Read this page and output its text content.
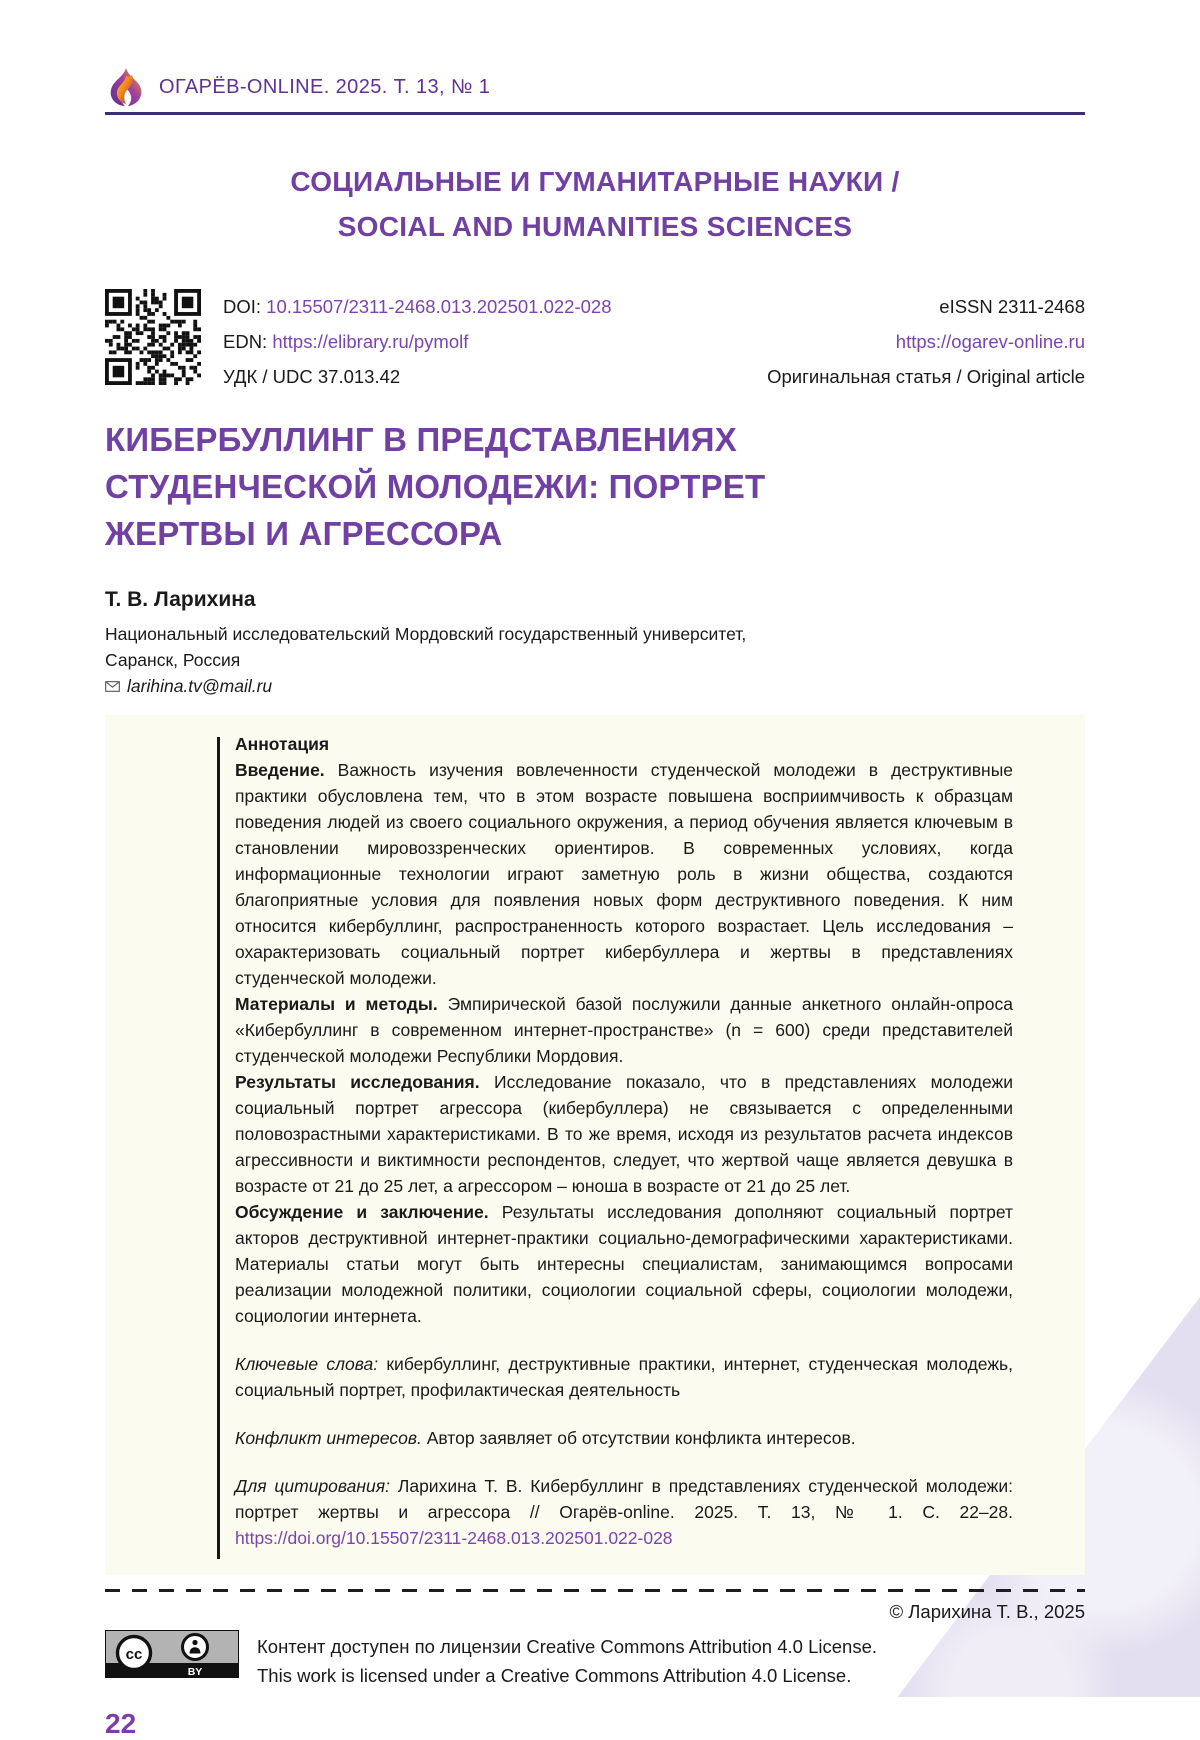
ОГАРЁВ-ONLINE. 2025. Т. 13, № 1
СОЦИАЛЬНЫЕ И ГУМАНИТАРНЫЕ НАУКИ /
SOCIAL AND HUMANITIES SCIENCES
DOI: 10.15507/2311-2468.013.202501.022-028	eISSN 2311-2468
EDN: https://elibrary.ru/pymolf	https://ogarev-online.ru
УДК / UDC 37.013.42	Оригинальная статья / Original article
КИБЕРБУЛЛИНГ В ПРЕДСТАВЛЕНИЯХ
СТУДЕНЧЕСКОЙ МОЛОДЕЖИ: ПОРТРЕТ
ЖЕРТВЫ И АГРЕССОРА
Т. В. Ларихина
Национальный исследовательский Мордовский государственный университет,
Саранск, Россия
larihina.tv@mail.ru
Аннотация

Введение. Важность изучения вовлеченности студенческой молодежи в деструктивные практики обусловлена тем, что в этом возрасте повышена восприимчивость к образцам поведения людей из своего социального окружения, а период обучения является ключевым в становлении мировоззренческих ориентиров. В современных условиях, когда информационные технологии играют заметную роль в жизни общества, создаются благоприятные условия для появления новых форм деструктивного поведения. К ним относится кибербуллинг, распространенность которого возрастает. Цель исследования – охарактеризовать социальный портрет кибербуллера и жертвы в представлениях студенческой молодежи.

Материалы и методы. Эмпирической базой послужили данные анкетного онлайн-опроса «Кибербуллинг в современном интернет-пространстве» (n = 600) среди представителей студенческой молодежи Республики Мордовия.

Результаты исследования. Исследование показало, что в представлениях молодежи социальный портрет агрессора (кибербуллера) не связывается с определенными половозрастными характеристиками. В то же время, исходя из результатов расчета индексов агрессивности и виктимности респондентов, следует, что жертвой чаще является девушка в возрасте от 21 до 25 лет, а агрессором – юноша в возрасте от 21 до 25 лет.

Обсуждение и заключение. Результаты исследования дополняют социальный портрет акторов деструктивной интернет-практики социально-демографическими характеристиками. Материалы статьи могут быть интересны специалистам, занимающимся вопросами реализации молодежной политики, социологии социальной сферы, социологии молодежи, социологии интернета.

Ключевые слова: кибербуллинг, деструктивные практики, интернет, студенческая молодежь, социальный портрет, профилактическая деятельность

Конфликт интересов. Автор заявляет об отсутствии конфликта интересов.

Для цитирования: Ларихина Т. В. Кибербуллинг в представлениях студенческой молодежи: портрет жертвы и агрессора // Огарёв-online. 2025. Т. 13, № 1. С. 22–28. https://doi.org/10.15507/2311-2468.013.202501.022-028

© Ларихина Т. В., 2025
cc
BY
Контент доступен по лицензии Creative Commons Attribution 4.0 License.
This work is licensed under a Creative Commons Attribution 4.0 License.
22
